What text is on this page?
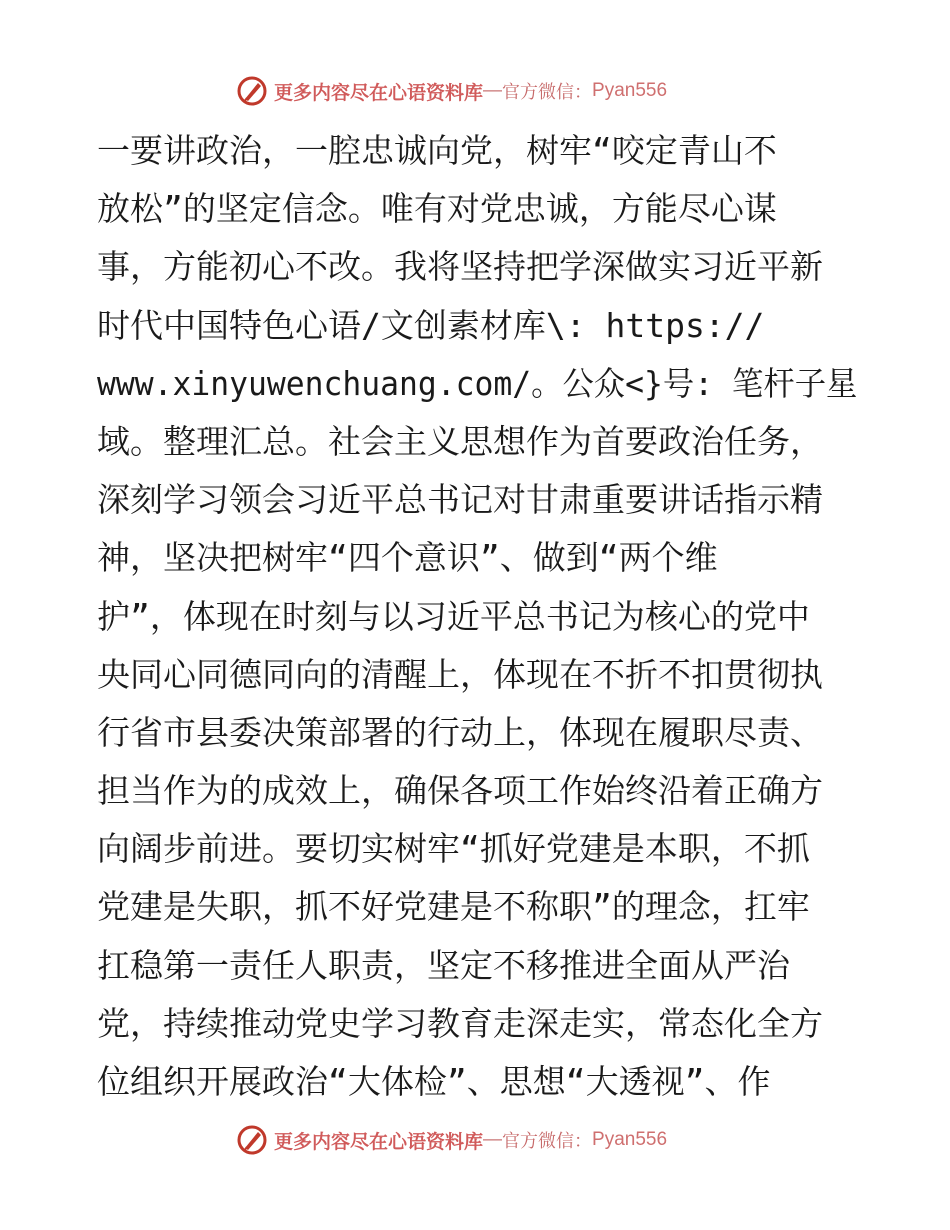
更多内容尽在心语资料库 — 官方微信： Pyan556
一要讲政治，一腔忠诚向党，树牢“咬定青山不
放松”的坚定信念。唯有对党忠诚，方能尽心谋
事，方能初心不改。我将坚持把学深做实习近平新
时代中国特色心语/文创素材库\: https://
www.xinyuwenchuang.com/。公众<}号: 笔杆子星
域。整理汇总。社会主义思想作为首要政治任务，
深刻学习领会习近平总书记对甘肃重要讲话指示精
神，坚决把树牢“四个意识”、做到“两个维
护”，体现在时刻与以习近平总书记为核心的党中
央同心同德同向的清醒上，体现在不折不扣贯彻执
行省市县委决策部署的行动上，体现在履职尽责、
担当作为的成效上，确保各项工作始终沿着正确方
向阔步前进。要切实树牢“抓好党建是本职，不抓
党建是失职，抓不好党建是不称职”的理念，扛牢
扛稳第一责任人职责，坚定不移推进全面从严治
党，持续推动党史学习教育走深走实，常态化全方
位组织开展政治“大体检”、思想“大透视”、作
更多内容尽在心语资料库 — 官方微信： Pyan556
